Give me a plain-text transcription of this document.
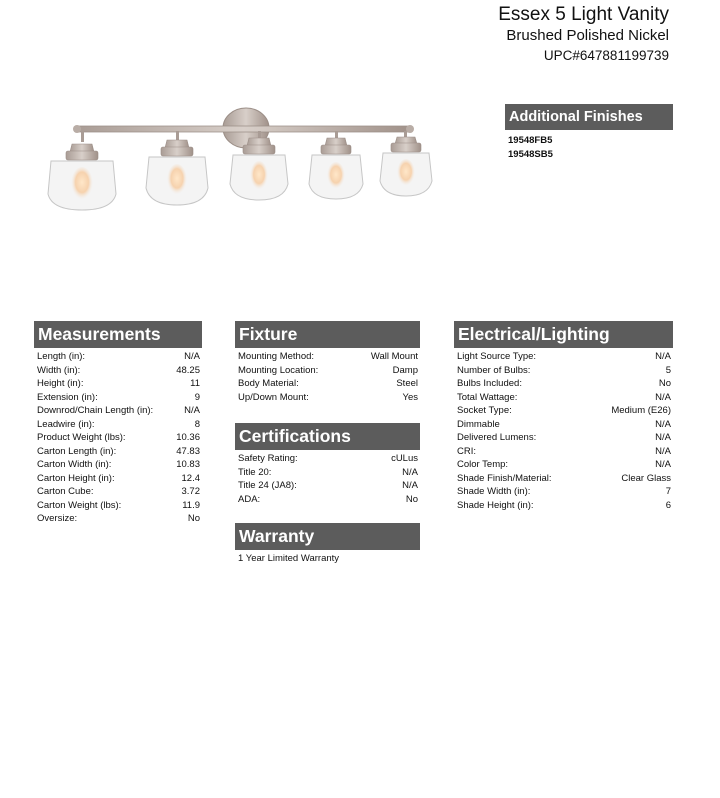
Essex 5 Light Vanity
Brushed Polished Nickel
UPC#647881199739
Additional Finishes
19548FB5
19548SB5
Measurements
Length (in):	N/A
Width (in):	48.25
Height (in):	11
Extension (in):	9
Downrod/Chain Length (in):	N/A
Leadwire (in):	8
Product Weight (lbs):	10.36
Carton Length (in):	47.83
Carton Width (in):	10.83
Carton Height (in):	12.4
Carton Cube:	3.72
Carton Weight (lbs):	11.9
Oversize:	No
Fixture
Mounting Method:	Wall Mount
Mounting Location:	Damp
Body Material:	Steel
Up/Down Mount:	Yes
Certifications
Safety Rating:	cULus
Title 20:	N/A
Title 24 (JA8):	N/A
ADA:	No
Warranty
1 Year Limited Warranty
Electrical/Lighting
Light Source Type:	N/A
Number of Bulbs:	5
Bulbs Included:	No
Total Wattage:	N/A
Socket Type:	Medium (E26)
Dimmable	N/A
Delivered Lumens:	N/A
CRI:	N/A
Color Temp:	N/A
Shade Finish/Material:	Clear Glass
Shade Width (in):	7
Shade Height (in):	6
